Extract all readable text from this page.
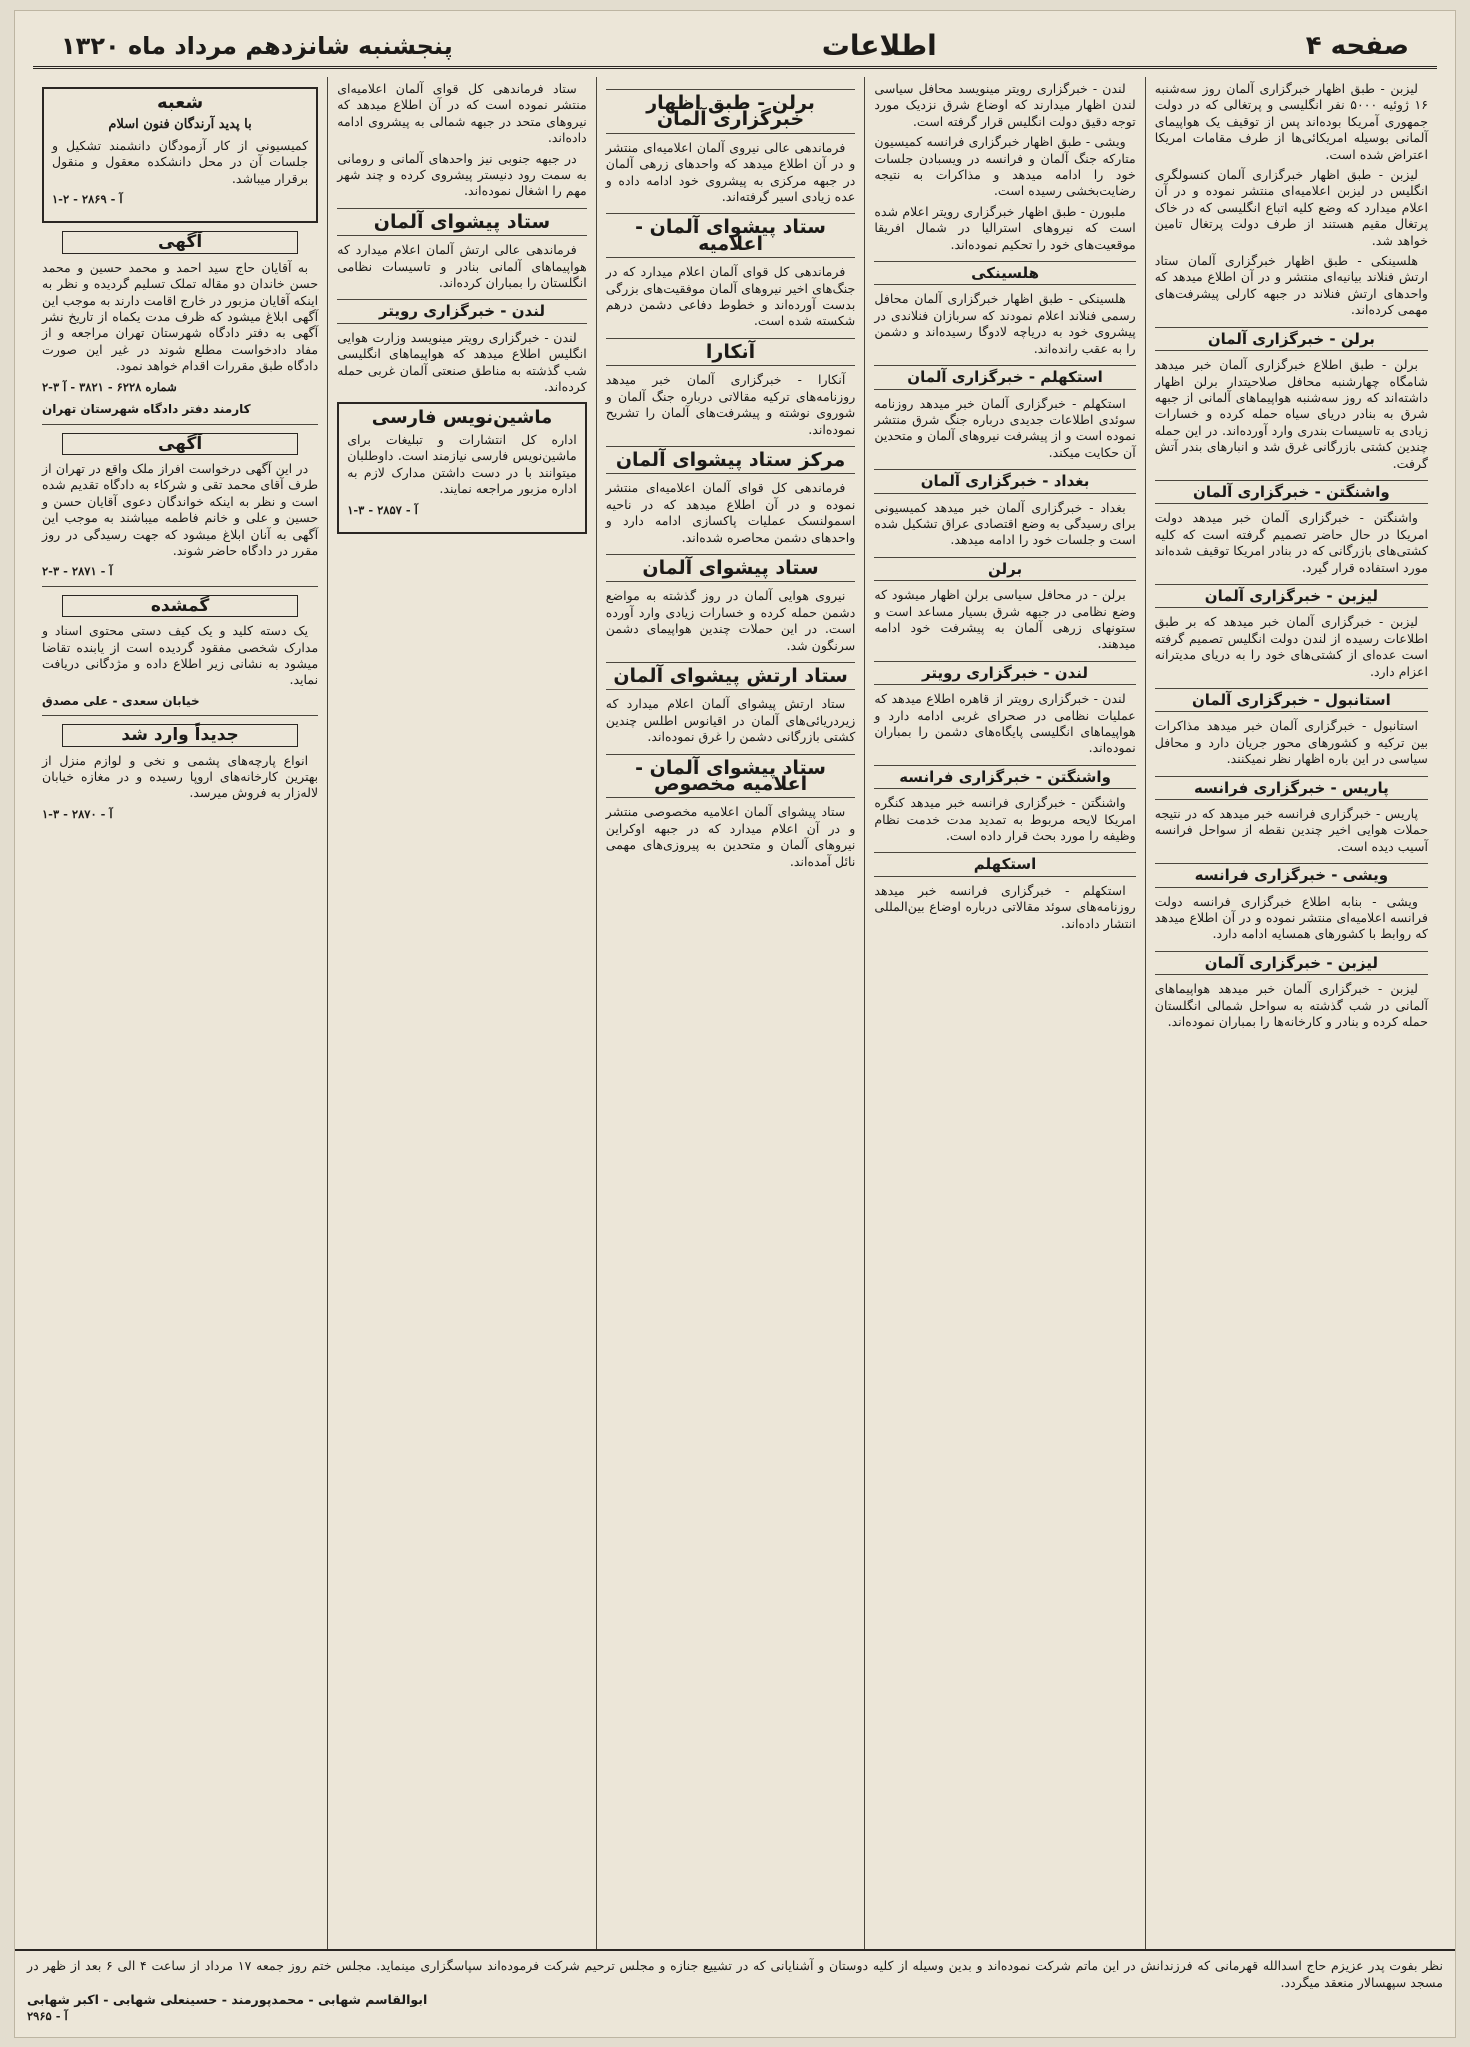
صفحه ۴
اطلاعات
پنجشنبه شانزدهم مرداد ماه ۱۳۲۰

لیزبن - طبق اظهار خبرگزاری آلمان روز سه‌شنبه ۱۶ ژوئیه ۵۰۰۰ نفر انگلیسی و پرتغالی که در دولت جمهوری آمریکا بوده‌اند پس از توقیف یک هواپیمای آلمانی بوسیله امریکائی‌ها از طرف مقامات امریکا اعتراض شده است.

لیزبن - طبق اظهار خبرگزاری آلمان کنسولگری انگلیس در لیزبن اعلامیه‌ای منتشر نموده و در آن اعلام میدارد که وضع کلیه اتباع انگلیسی که در خاک پرتغال مقیم هستند از طرف دولت پرتغال تامین خواهد شد.

هلسینکی - طبق اظهار خبرگزاری آلمان ستاد ارتش فنلاند بیانیه‌ای منتشر و در آن اطلاع میدهد که واحدهای ارتش فنلاند در جبهه کارلی پیشرفت‌های مهمی کرده‌اند.

برلن - خبرگزاری آلمان

برلن - طبق اطلاع خبرگزاری آلمان خبر میدهد شامگاه چهارشنبه محافل صلاحیتدار برلن اظهار داشته‌اند که روز سه‌شنبه هواپیماهای آلمانی از جبهه شرق به بنادر دریای سیاه حمله کرده و خسارات زیادی به تاسیسات بندری وارد آورده‌اند. در این حمله چندین کشتی بازرگانی غرق شد و انبارهای بندر آتش گرفت.

واشنگتن - خبرگزاری آلمان

واشنگتن - خبرگزاری آلمان خبر میدهد دولت امریکا در حال حاضر تصمیم گرفته است که کلیه کشتی‌های بازرگانی که در بنادر امریکا توقیف شده‌اند مورد استفاده قرار گیرد.

لیزبن - خبرگزاری آلمان

لیزبن - خبرگزاری آلمان خبر میدهد که بر طبق اطلاعات رسیده از لندن دولت انگلیس تصمیم گرفته است عده‌ای از کشتی‌های خود را به دریای مدیترانه اعزام دارد.

استانبول - خبرگزاری آلمان

استانبول - خبرگزاری آلمان خبر میدهد مذاکرات بین ترکیه و کشورهای محور جریان دارد و محافل سیاسی در این باره اظهار نظر نمیکنند.

پاریس - خبرگزاری فرانسه

پاریس - خبرگزاری فرانسه خبر میدهد که در نتیجه حملات هوایی اخیر چندین نقطه از سواحل فرانسه آسیب دیده است.

ویشی - خبرگزاری فرانسه

ویشی - بنابه اطلاع خبرگزاری فرانسه دولت فرانسه اعلامیه‌ای منتشر نموده و در آن اطلاع میدهد که روابط با کشورهای همسایه ادامه دارد.

لیزبن - خبرگزاری آلمان

لیزبن - خبرگزاری آلمان خبر میدهد هواپیماهای آلمانی در شب گذشته به سواحل شمالی انگلستان حمله کرده و بنادر و کارخانه‌ها را بمباران نموده‌اند.

لندن - خبرگزاری رویتر مینویسد محافل سیاسی لندن اظهار میدارند که اوضاع شرق نزدیک مورد توجه دقیق دولت انگلیس قرار گرفته است.

ویشی - طبق اظهار خبرگزاری فرانسه کمیسیون متارکه جنگ آلمان و فرانسه در ویسبادن جلسات خود را ادامه میدهد و مذاکرات به نتیجه رضایت‌بخشی رسیده است.

ملبورن - طبق اظهار خبرگزاری رویتر اعلام شده است که نیروهای استرالیا در شمال افریقا موقعیت‌های خود را تحکیم نموده‌اند.

هلسینکی

هلسینکی - طبق اظهار خبرگزاری آلمان محافل رسمی فنلاند اعلام نمودند که سربازان فنلاندی در پیشروی خود به دریاچه لادوگا رسیده‌اند و دشمن را به عقب رانده‌اند.

استکهلم - خبرگزاری آلمان

استکهلم - خبرگزاری آلمان خبر میدهد روزنامه سوئدی اطلاعات جدیدی درباره جنگ شرق منتشر نموده است و از پیشرفت نیروهای آلمان و متحدین آن حکایت میکند.

بغداد - خبرگزاری آلمان

بغداد - خبرگزاری آلمان خبر میدهد کمیسیونی برای رسیدگی به وضع اقتصادی عراق تشکیل شده است و جلسات خود را ادامه میدهد.

برلن

برلن - در محافل سیاسی برلن اظهار میشود که وضع نظامی در جبهه شرق بسیار مساعد است و ستونهای زرهی آلمان به پیشرفت خود ادامه میدهند.

لندن - خبرگزاری رویتر

لندن - خبرگزاری رویتر از قاهره اطلاع میدهد که عملیات نظامی در صحرای غربی ادامه دارد و هواپیماهای انگلیسی پایگاه‌های دشمن را بمباران نموده‌اند.

واشنگتن - خبرگزاری فرانسه

واشنگتن - خبرگزاری فرانسه خبر میدهد کنگره امریکا لایحه مربوط به تمدید مدت خدمت نظام وظیفه را مورد بحث قرار داده است.

استکهلم

استکهلم - خبرگزاری فرانسه خبر میدهد روزنامه‌های سوئد مقالاتی درباره اوضاع بین‌المللی انتشار داده‌اند.

برلن - طبق اظهار خبرگزاری آلمان

فرماندهی عالی نیروی آلمان اعلامیه‌ای منتشر و در آن اطلاع میدهد که واحدهای زرهی آلمان در جبهه مرکزی به پیشروی خود ادامه داده و عده زیادی اسیر گرفته‌اند.

ستاد پیشوای آلمان - اعلامیه

فرماندهی کل قوای آلمان اعلام میدارد که در جنگ‌های اخیر نیروهای آلمان موفقیت‌های بزرگی بدست آورده‌اند و خطوط دفاعی دشمن درهم شکسته شده است.

آنکارا

آنکارا - خبرگزاری آلمان خبر میدهد روزنامه‌های ترکیه مقالاتی درباره جنگ آلمان و شوروی نوشته و پیشرفت‌های آلمان را تشریح نموده‌اند.

مرکز ستاد پیشوای آلمان

فرماندهی کل قوای آلمان اعلامیه‌ای منتشر نموده و در آن اطلاع میدهد که در ناحیه اسمولنسک عملیات پاکسازی ادامه دارد و واحدهای دشمن محاصره شده‌اند.

ستاد پیشوای آلمان

نیروی هوایی آلمان در روز گذشته به مواضع دشمن حمله کرده و خسارات زیادی وارد آورده است. در این حملات چندین هواپیمای دشمن سرنگون شد.

ستاد ارتش پیشوای آلمان

ستاد ارتش پیشوای آلمان اعلام میدارد که زیردریائی‌های آلمان در اقیانوس اطلس چندین کشتی بازرگانی دشمن را غرق نموده‌اند.

ستاد پیشوای آلمان - اعلامیه مخصوص

ستاد پیشوای آلمان اعلامیه مخصوصی منتشر و در آن اعلام میدارد که در جبهه اوکراین نیروهای آلمان و متحدین به پیروزی‌های مهمی نائل آمده‌اند.

ستاد فرماندهی کل قوای آلمان اعلامیه‌ای منتشر نموده است که در آن اطلاع میدهد که نیروهای متحد در جبهه شمالی به پیشروی ادامه داده‌اند.

در جبهه جنوبی نیز واحدهای آلمانی و رومانی به سمت رود دنیستر پیشروی کرده و چند شهر مهم را اشغال نموده‌اند.

ستاد پیشوای آلمان

فرماندهی عالی ارتش آلمان اعلام میدارد که هواپیماهای آلمانی بنادر و تاسیسات نظامی انگلستان را بمباران کرده‌اند.

لندن - خبرگزاری رویتر

لندن - خبرگزاری رویتر مینویسد وزارت هوایی انگلیس اطلاع میدهد که هواپیماهای انگلیسی شب گذشته به مناطق صنعتی آلمان غربی حمله کرده‌اند.

ماشین‌نویس فارسی

اداره کل انتشارات و تبلیغات برای ماشین‌نویس فارسی نیازمند است. داوطلبان میتوانند با در دست داشتن مدارک لازم به اداره مزبور مراجعه نمایند.

آ - ۲۸۵۷ - ۳-۱
شعبه
با پدید آرندگان فنون اسلام

کمیسیونی از کار آزمودگان دانشمند تشکیل و جلسات آن در محل دانشکده معقول و منقول برقرار میباشد.

آ - ۲۸۶۹ - ۲-۱
آگهی

به آقایان حاج سید احمد و محمد حسین و محمد حسن خاندان دو مقاله تملک تسلیم گردیده و نظر به اینکه آقایان مزبور در خارج اقامت دارند به موجب این آگهی ابلاغ میشود که ظرف مدت یکماه از تاریخ نشر آگهی به دفتر دادگاه شهرستان تهران مراجعه و از مفاد دادخواست مطلع شوند در غیر این صورت دادگاه طبق مقررات اقدام خواهد نمود.

شماره ۶۲۲۸ - ۳۸۲۱ - آ ۳-۲
کارمند دفتر دادگاه شهرستان تهران
آگهی

در این آگهی درخواست افراز ملک واقع در تهران از طرف آقای محمد تقی و شرکاء به دادگاه تقدیم شده است و نظر به اینکه خواندگان دعوی آقایان حسن و حسین و علی و خانم فاطمه میباشند به موجب این آگهی به آنان ابلاغ میشود که جهت رسیدگی در روز مقرر در دادگاه حاضر شوند.

آ - ۲۸۷۱ - ۳-۲
گمشده

یک دسته کلید و یک کیف دستی محتوی اسناد و مدارک شخصی مفقود گردیده است از یابنده تقاضا میشود به نشانی زیر اطلاع داده و مژدگانی دریافت نماید.

خیابان سعدی - علی مصدق
جدیداً وارد شد

انواع پارچه‌های پشمی و نخی و لوازم منزل از بهترین کارخانه‌های اروپا رسیده و در مغازه خیابان لاله‌زار به فروش میرسد.

آ - ۲۸۷۰ - ۳-۱
نظر بفوت پدر عزیزم حاج اسدالله قهرمانی که فرزندانش در این ماتم شرکت نموده‌اند و بدین وسیله از کلیه دوستان و آشنایانی که در تشییع جنازه و مجلس ترحیم شرکت فرموده‌اند سپاسگزاری مینماید. مجلس ختم روز جمعه ۱۷ مرداد از ساعت ۴ الی ۶ بعد از ظهر در مسجد سپهسالار منعقد میگردد.
ابوالقاسم شهابی - محمدپورمند - حسینعلی شهابی - اکبر شهابی
آ - ۲۹۶۵
